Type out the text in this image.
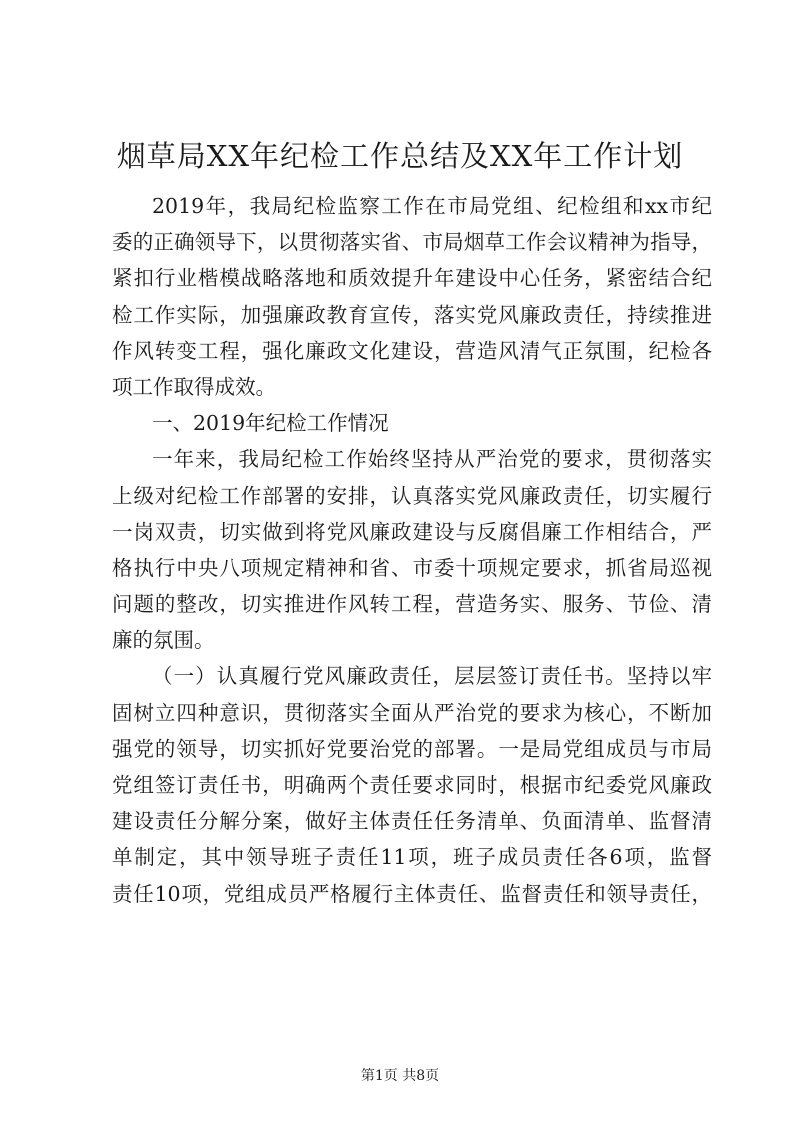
烟草局XX年纪检工作总结及XX年工作计划
2019年，我局纪检监察工作在市局党组、纪检组和xx市纪
委的正确领导下，以贯彻落实省、市局烟草工作会议精神为指导，
紧扣行业楷模战略落地和质效提升年建设中心任务，紧密结合纪
检工作实际，加强廉政教育宣传，落实党风廉政责任，持续推进
作风转变工程，强化廉政文化建设，营造风清气正氛围，纪检各
项工作取得成效。
一、2019年纪检工作情况
一年来，我局纪检工作始终坚持从严治党的要求，贯彻落实
上级对纪检工作部署的安排，认真落实党风廉政责任，切实履行
一岗双责，切实做到将党风廉政建设与反腐倡廉工作相结合，严
格执行中央八项规定精神和省、市委十项规定要求，抓省局巡视
问题的整改，切实推进作风转工程，营造务实、服务、节俭、清
廉的氛围。
（一）认真履行党风廉政责任，层层签订责任书。坚持以牢
固树立四种意识，贯彻落实全面从严治党的要求为核心，不断加
强党的领导，切实抓好党要治党的部署。一是局党组成员与市局
党组签订责任书，明确两个责任要求同时，根据市纪委党风廉政
建设责任分解分案，做好主体责任任务清单、负面清单、监督清
单制定，其中领导班子责任11项，班子成员责任各6项，监督
责任10项，党组成员严格履行主体责任、监督责任和领导责任，
第1页 共8页
